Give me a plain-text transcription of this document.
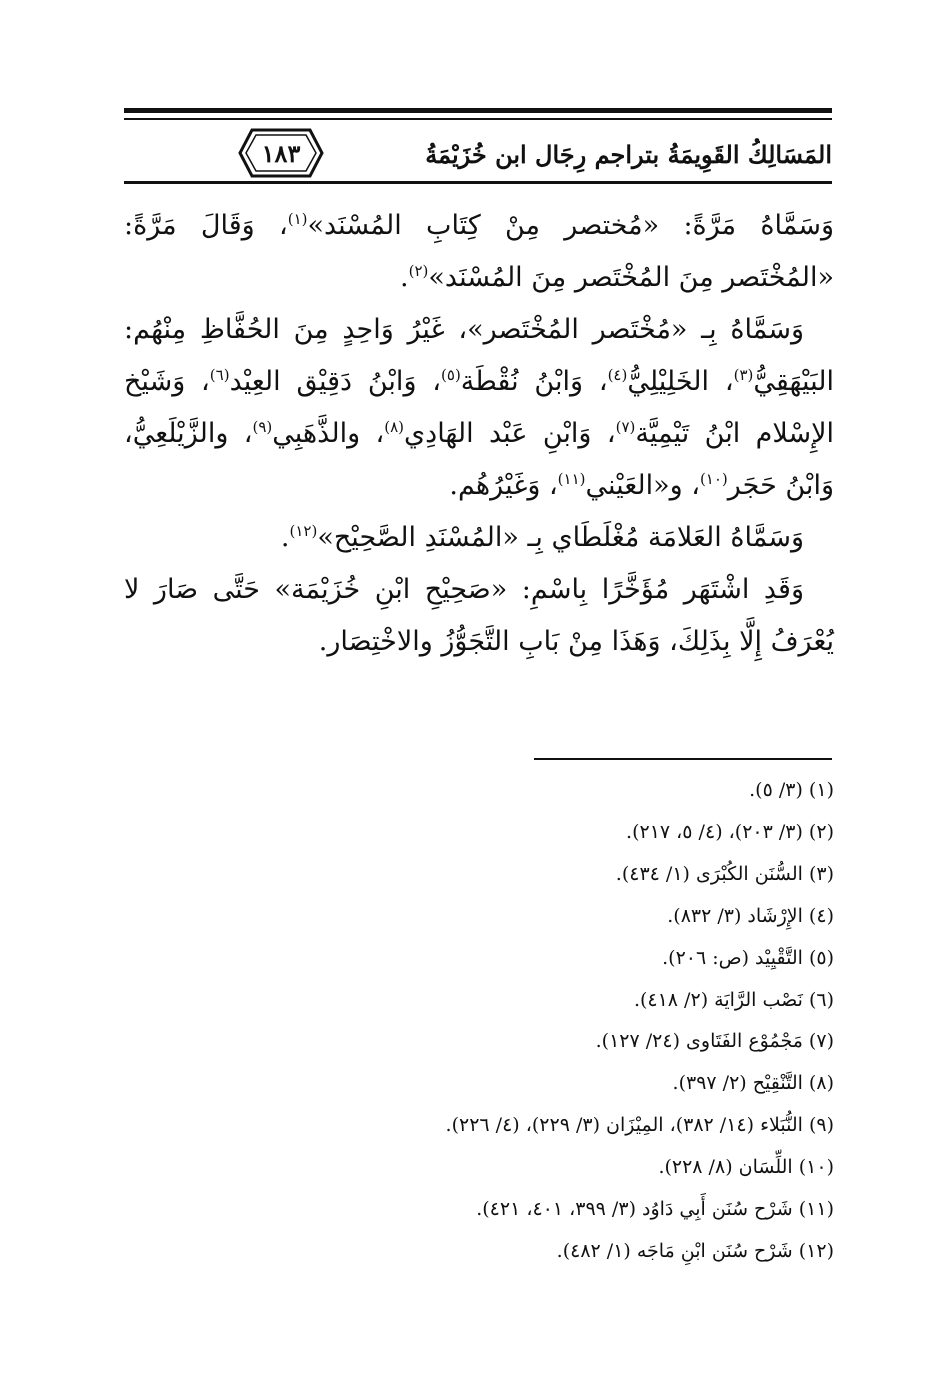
١٨٣	المَسَالِكُ القَوِيمَةُ بتراجم رِجَال ابن خُزَيْمَةُ

وَسَمَّاهُ مَرَّةً: «مُختصر مِنْ كِتَابِ المُسْنَد»$^{(١)}$، وَقَالَ مَرَّةً: «المُخْتَصر مِنَ المُخْتَصر مِنَ المُسْنَد»$^{(٢)}$.

وَسَمَّاهُ بِـ «مُخْتَصر المُخْتَصر»، غَيْرُ وَاحِدٍ مِنَ الحُفَّاظِ مِنْهُم: البَيْهَقِيُّ$^{(٣)}$، الخَلِيْلِيُّ$^{(٤)}$، وَابْنُ نُقْطَة$^{(٥)}$، وَابْنُ دَقِيْق العِيْد$^{(٦)}$، وَشَيْخ الإِسْلام ابْنُ تَيْمِيَّة$^{(٧)}$، وَابْنِ عَبْد الهَادِي$^{(٨)}$، والذَّهَبِي$^{(٩)}$، والزَّيْلَعِيُّ، وَابْنُ حَجَر$^{(١٠)}$، و«العَيْني$^{(١١)}$، وَغَيْرُهُم.

وَسَمَّاهُ العَلامَة مُغْلَطَاي بِـ «المُسْنَدِ الصَّحِيْح»$^{(١٢)}$.

وَقَدِ اشْتَهَر مُؤَخَّرًا بِاسْمِ: «صَحِيْحِ ابْنِ خُزَيْمَة» حَتَّى صَارَ لا يُعْرَفُ إِلَّا بِذَلِكَ، وَهَذَا مِنْ بَابِ التَّجَوُّزُ والاخْتِصَار.

(١) (٣/ ٥).
(٢) (٣/ ٢٠٣)، (٤/ ٥، ٢١٧).
(٣) السُّنَن الكُبْرَى (١/ ٤٣٤).
(٤) الإِرْشَاد (٣/ ٨٣٢).
(٥) التَّقْيِيْد (ص: ٢٠٦).
(٦) نَصْب الرَّايَة (٢/ ٤١٨).
(٧) مَجْمُوْع الفَتَاوى (٢٤/ ١٢٧).
(٨) التَّنْقِيْح (٢/ ٣٩٧).
(٩) النُّبَلاء (١٤/ ٣٨٢)، المِيْزَان (٣/ ٢٢٩)، (٤/ ٢٢٦).
(١٠) اللِّسَان (٨/ ٢٢٨).
(١١) شَرْح سُنَن أَبِي دَاوُد (٣/ ٣٩٩، ٤٠١، ٤٢١).
(١٢) شَرْح سُنَن ابْنِ مَاجَه (١/ ٤٨٢).
